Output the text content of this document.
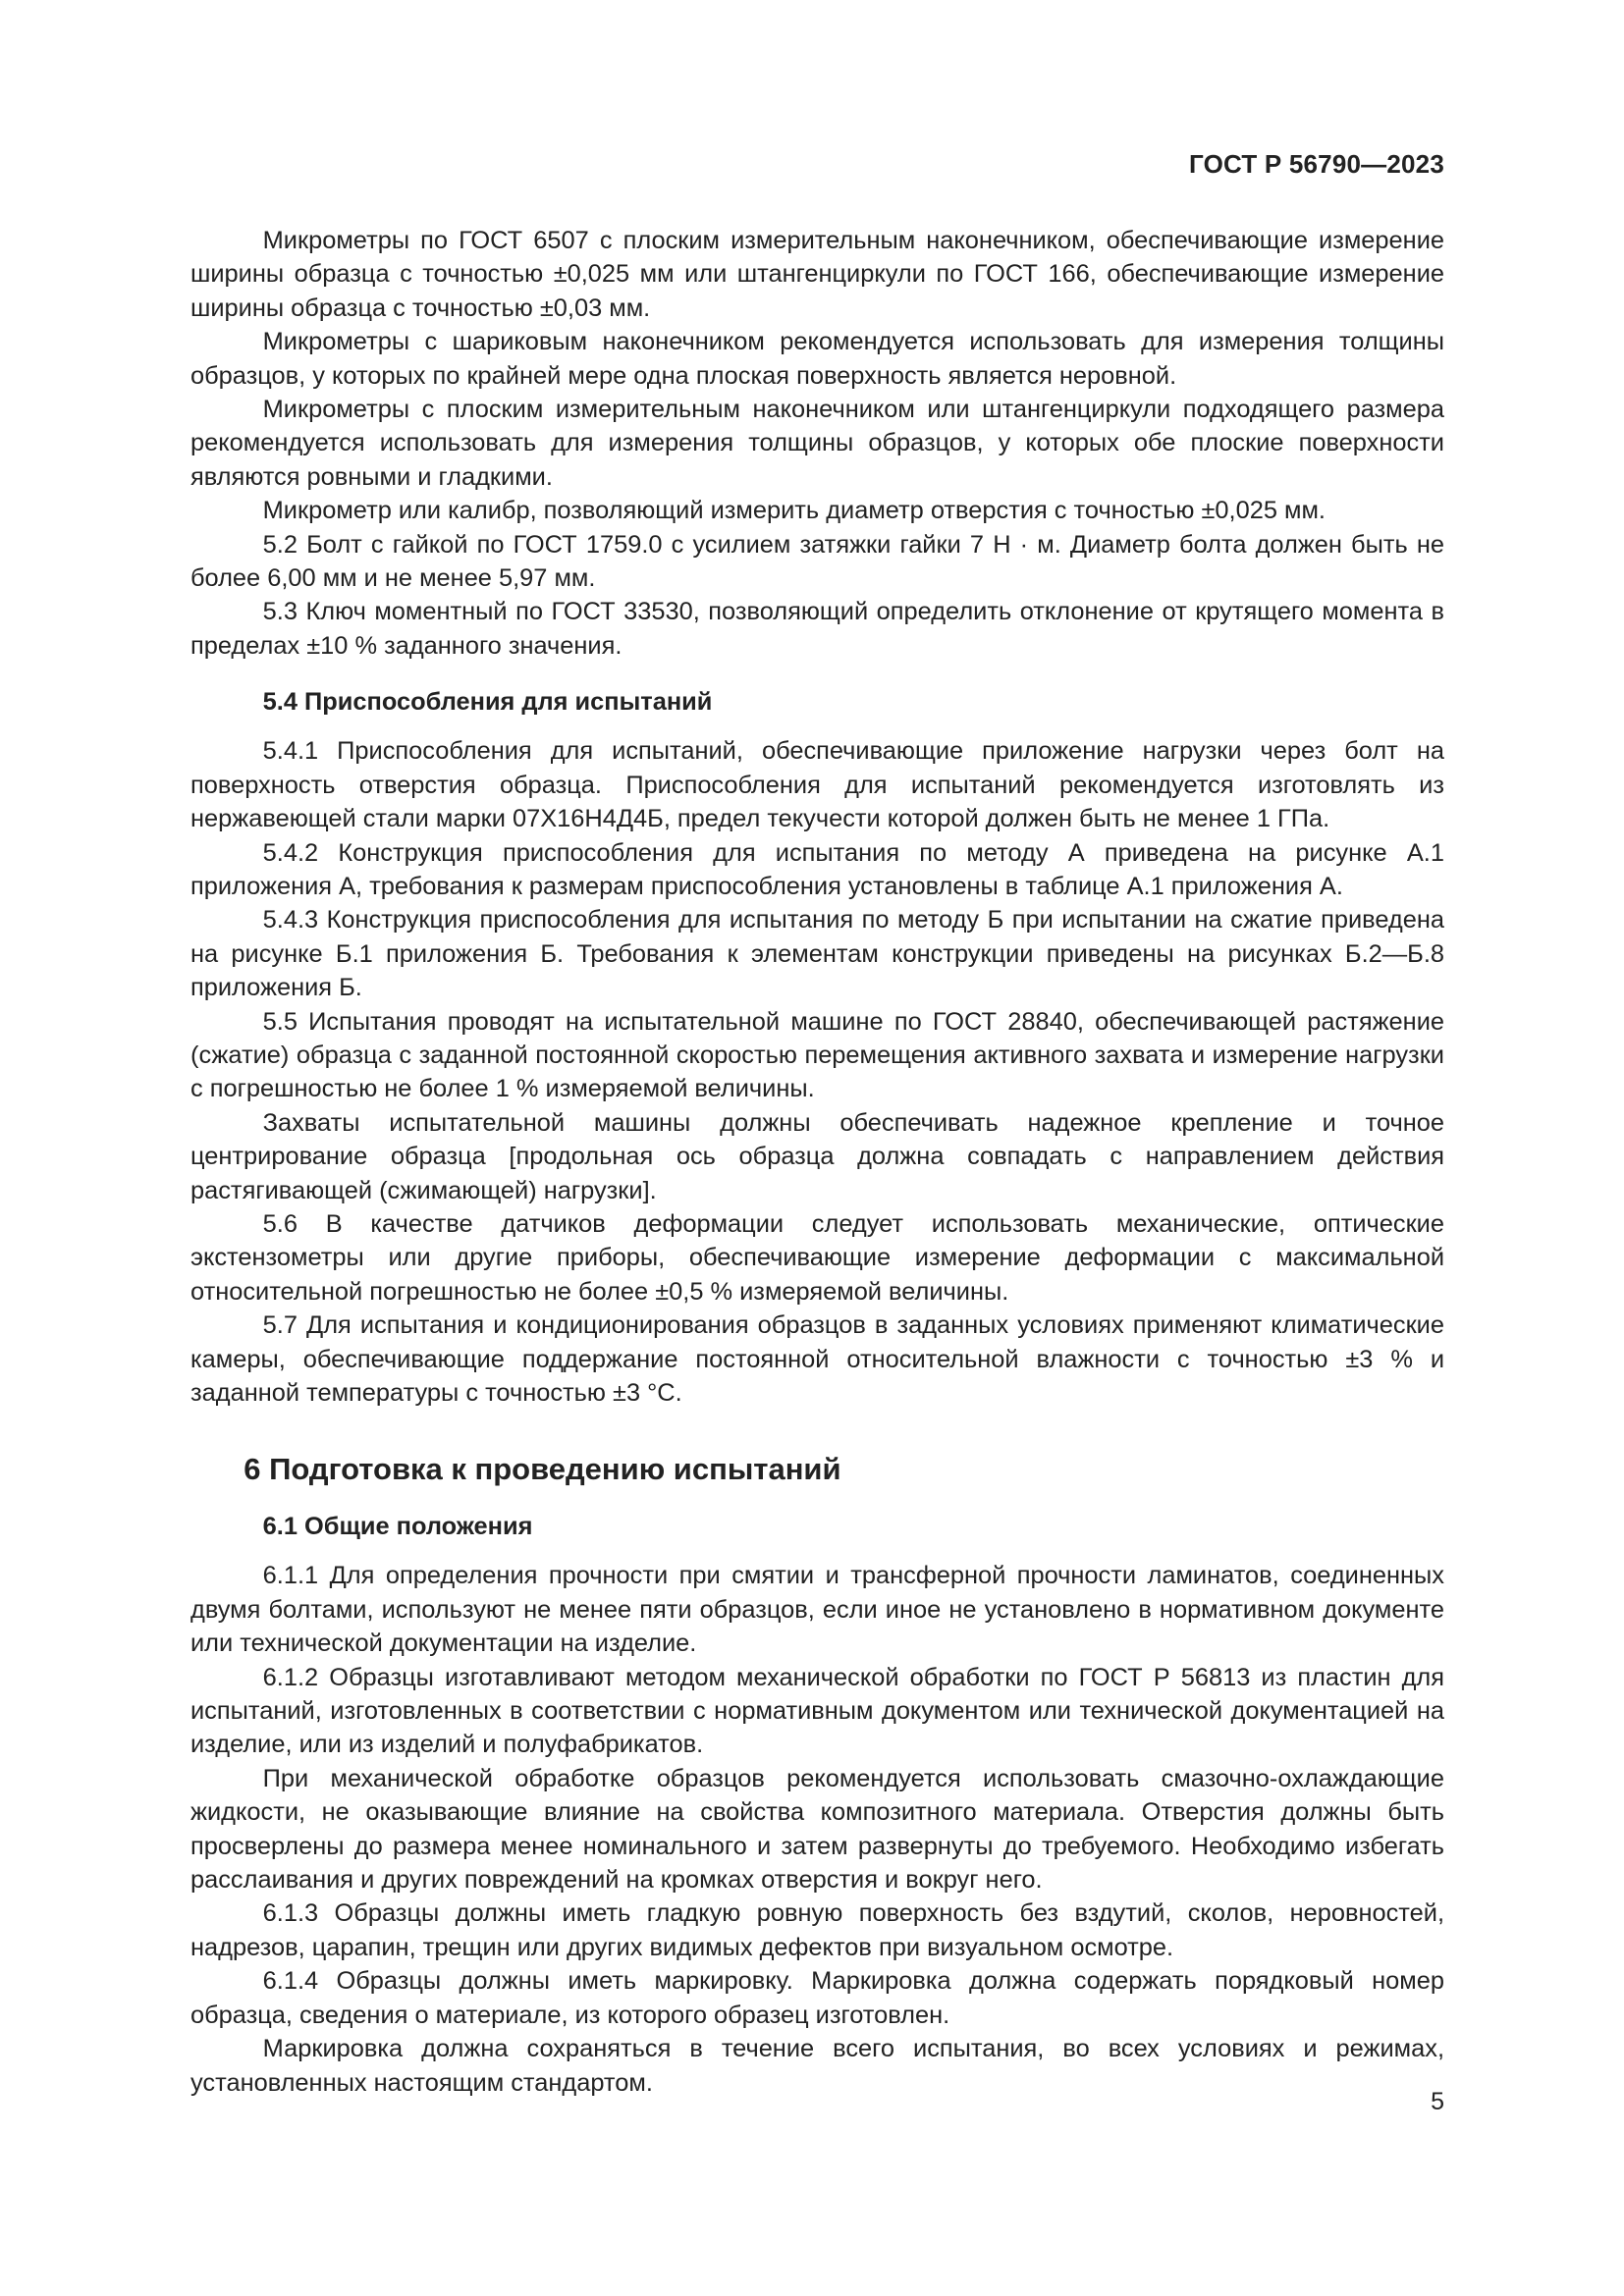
ГОСТ Р 56790—2023

Микрометры по ГОСТ 6507 с плоским измерительным наконечником, обеспечивающие измерение ширины образца с точностью ±0,025 мм или штангенциркули по ГОСТ 166, обеспечивающие измерение ширины образца с точностью ±0,03 мм.

Микрометры с шариковым наконечником рекомендуется использовать для измерения толщины образцов, у которых по крайней мере одна плоская поверхность является неровной.

Микрометры с плоским измерительным наконечником или штангенциркули подходящего размера рекомендуется использовать для измерения толщины образцов, у которых обе плоские поверхности являются ровными и гладкими.

Микрометр или калибр, позволяющий измерить диаметр отверстия с точностью ±0,025 мм.

5.2 Болт с гайкой по ГОСТ 1759.0 с усилием затяжки гайки 7 Н · м. Диаметр болта должен быть не более 6,00 мм и не менее 5,97 мм.

5.3 Ключ моментный по ГОСТ 33530, позволяющий определить отклонение от крутящего момента в пределах ±10 % заданного значения.

5.4 Приспособления для испытаний

5.4.1 Приспособления для испытаний, обеспечивающие приложение нагрузки через болт на поверхность отверстия образца. Приспособления для испытаний рекомендуется изготовлять из нержавеющей стали марки 07Х16Н4Д4Б, предел текучести которой должен быть не менее 1 ГПа.

5.4.2 Конструкция приспособления для испытания по методу А приведена на рисунке А.1 приложения А, требования к размерам приспособления установлены в таблице А.1 приложения А.

5.4.3 Конструкция приспособления для испытания по методу Б при испытании на сжатие приведена на рисунке Б.1 приложения Б. Требования к элементам конструкции приведены на рисунках Б.2—Б.8 приложения Б.

5.5 Испытания проводят на испытательной машине по ГОСТ 28840, обеспечивающей растяжение (сжатие) образца с заданной постоянной скоростью перемещения активного захвата и измерение нагрузки с погрешностью не более 1 % измеряемой величины.

Захваты испытательной машины должны обеспечивать надежное крепление и точное центрирование образца [продольная ось образца должна совпадать с направлением действия растягивающей (сжимающей) нагрузки].

5.6 В качестве датчиков деформации следует использовать механические, оптические экстензометры или другие приборы, обеспечивающие измерение деформации с максимальной относительной погрешностью не более ±0,5 % измеряемой величины.

5.7 Для испытания и кондиционирования образцов в заданных условиях применяют климатические камеры, обеспечивающие поддержание постоянной относительной влажности с точностью ±3 % и заданной температуры с точностью ±3 °С.

6 Подготовка к проведению испытаний
6.1 Общие положения

6.1.1 Для определения прочности при смятии и трансферной прочности ламинатов, соединенных двумя болтами, используют не менее пяти образцов, если иное не установлено в нормативном документе или технической документации на изделие.

6.1.2 Образцы изготавливают методом механической обработки по ГОСТ Р 56813 из пластин для испытаний, изготовленных в соответствии с нормативным документом или технической документацией на изделие, или из изделий и полуфабрикатов.

При механической обработке образцов рекомендуется использовать смазочно-охлаждающие жидкости, не оказывающие влияние на свойства композитного материала. Отверстия должны быть просверлены до размера менее номинального и затем развернуты до требуемого. Необходимо избегать расслаивания и других повреждений на кромках отверстия и вокруг него.

6.1.3 Образцы должны иметь гладкую ровную поверхность без вздутий, сколов, неровностей, надрезов, царапин, трещин или других видимых дефектов при визуальном осмотре.

6.1.4 Образцы должны иметь маркировку. Маркировка должна содержать порядковый номер образца, сведения о материале, из которого образец изготовлен.

Маркировка должна сохраняться в течение всего испытания, во всех условиях и режимах, установленных настоящим стандартом.

5
